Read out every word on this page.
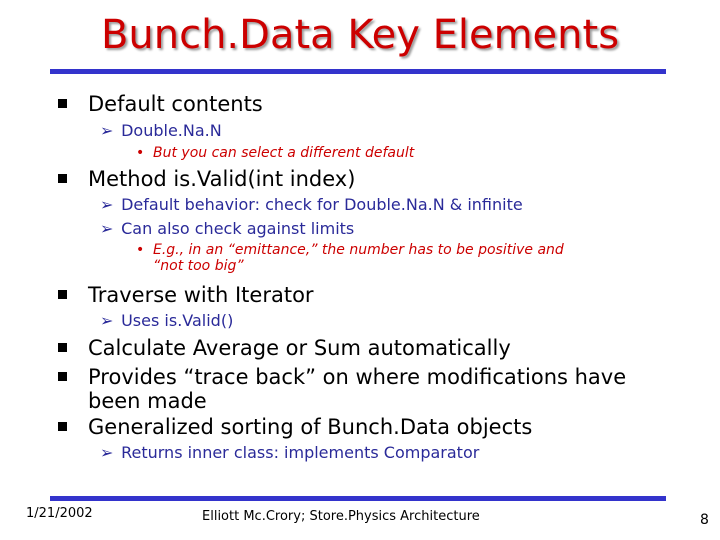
Bunch.Data Key Elements
Default contents
➢ Double.Na.N
• But you can select a different default
Method is.Valid(int index)
➢ Default behavior: check for Double.Na.N & infinite
➢ Can also check against limits
• E.g., in an “emittance,” the number has to be positive and
“not too big”
Traverse with Iterator
➢ Uses is.Valid()
Calculate Average or Sum automatically
Provides “trace back” on where modifications have
been made
Generalized sorting of Bunch.Data objects
➢ Returns inner class: implements Comparator
1/21/2002	Elliott Mc.Crory; Store.Physics Architecture	8
